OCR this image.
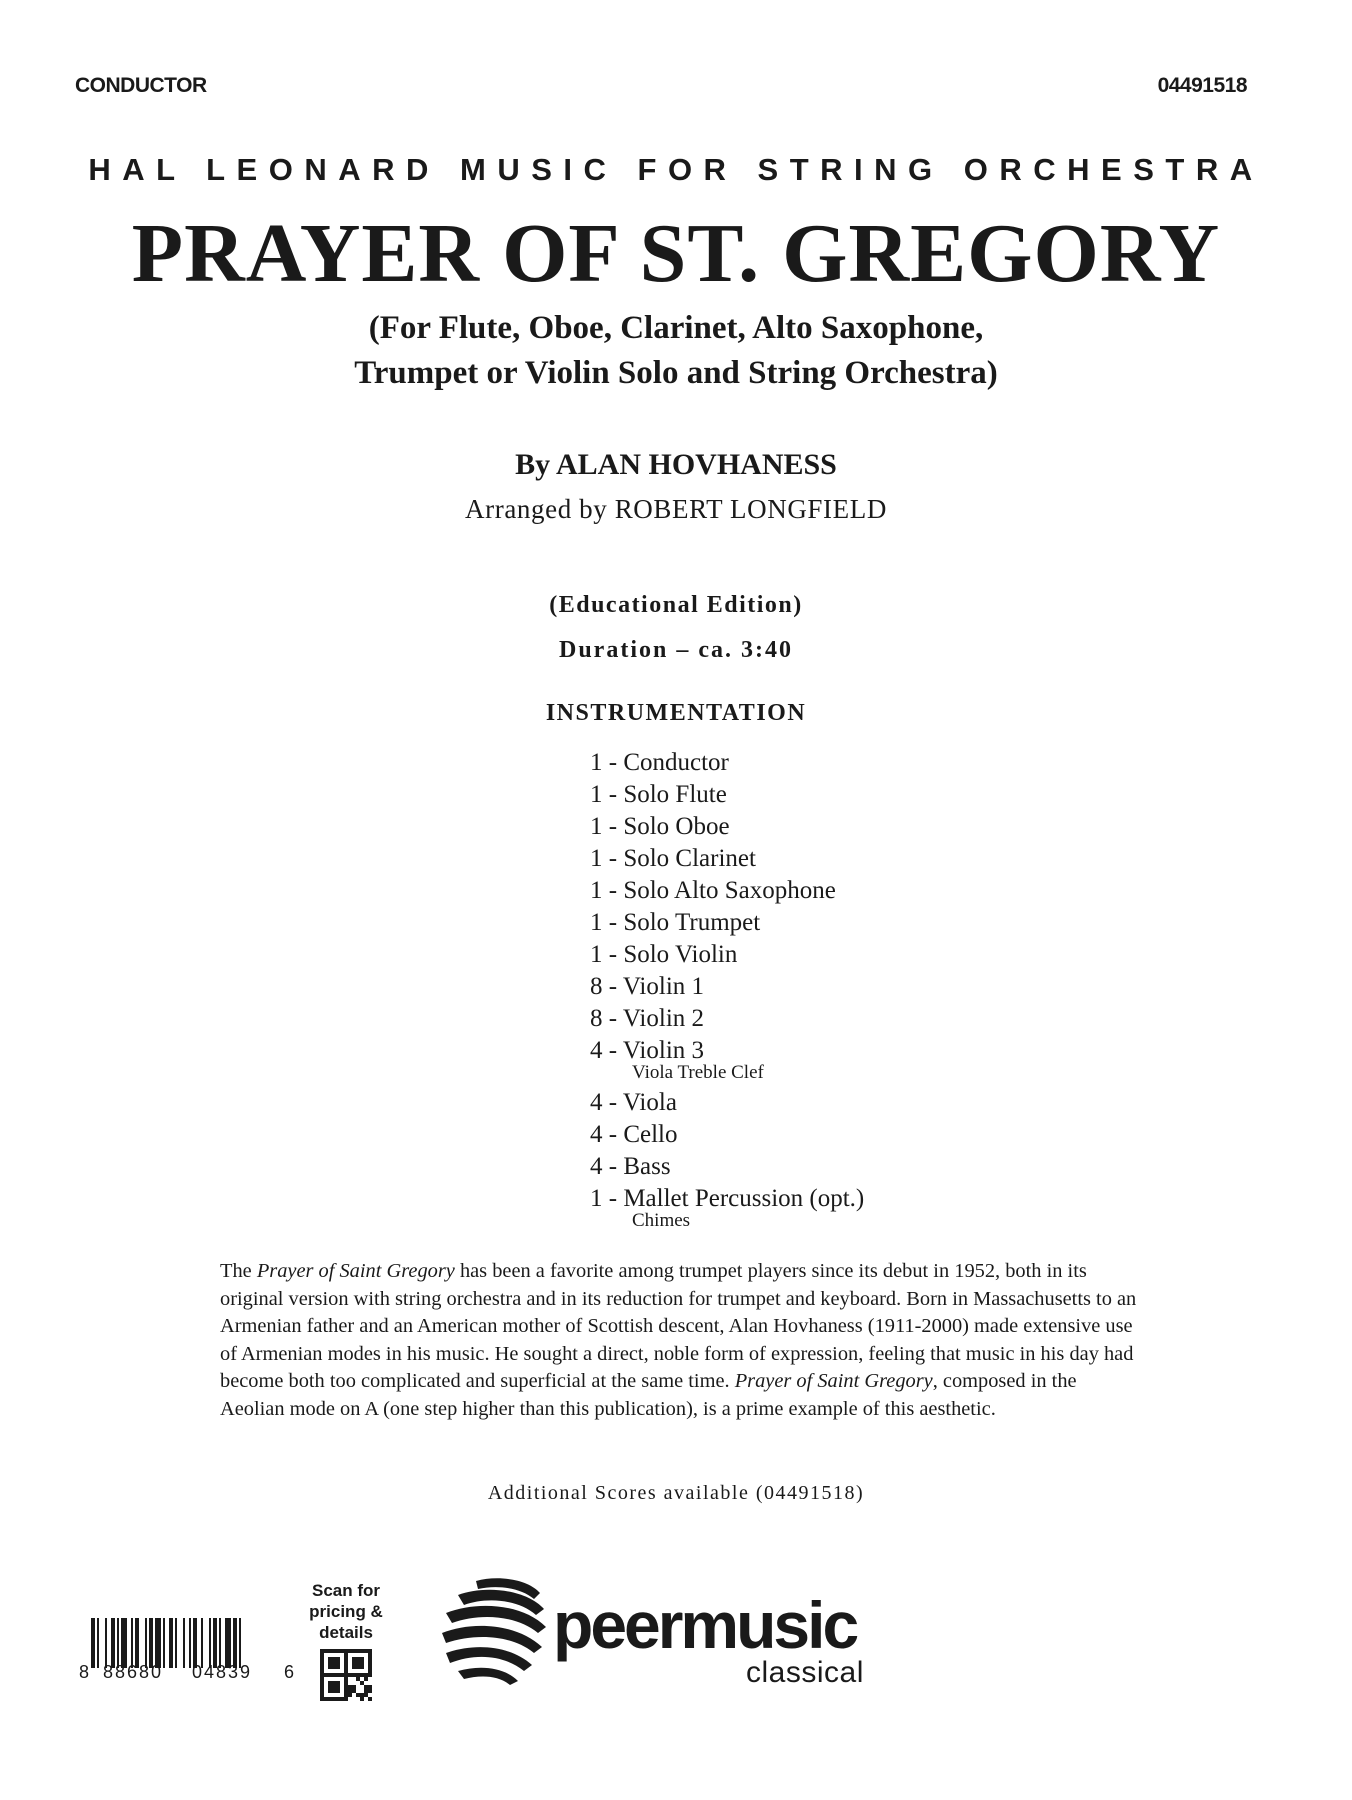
CONDUCTOR	04491518
HAL LEONARD MUSIC FOR STRING ORCHESTRA
PRAYER OF ST. GREGORY
(For Flute, Oboe, Clarinet, Alto Saxophone,
Trumpet or Violin Solo and String Orchestra)
By ALAN HOVHANESS
Arranged by ROBERT LONGFIELD
(Educational Edition)
Duration – ca. 3:40
INSTRUMENTATION
1 - Conductor
1 - Solo Flute
1 - Solo Oboe
1 - Solo Clarinet
1 - Solo Alto Saxophone
1 - Solo Trumpet
1 - Solo Violin
8 - Violin 1
8 - Violin 2
4 - Violin 3
Viola Treble Clef
4 - Viola
4 - Cello
4 - Bass
1 - Mallet Percussion (opt.)
Chimes
The Prayer of Saint Gregory has been a favorite among trumpet players since its debut in 1952, both in its original version with string orchestra and in its reduction for trumpet and keyboard. Born in Massachusetts to an Armenian father and an American mother of Scottish descent, Alan Hovhaness (1911-2000) made extensive use of Armenian modes in his music. He sought a direct, noble form of expression, feeling that music in his day had become both too complicated and superficial at the same time. Prayer of Saint Gregory, composed in the Aeolian mode on A (one step higher than this publication), is a prime example of this aesthetic.
Additional Scores available (04491518)
8 88680 04839 6
Scan for
pricing &
details	peermusic
classical
